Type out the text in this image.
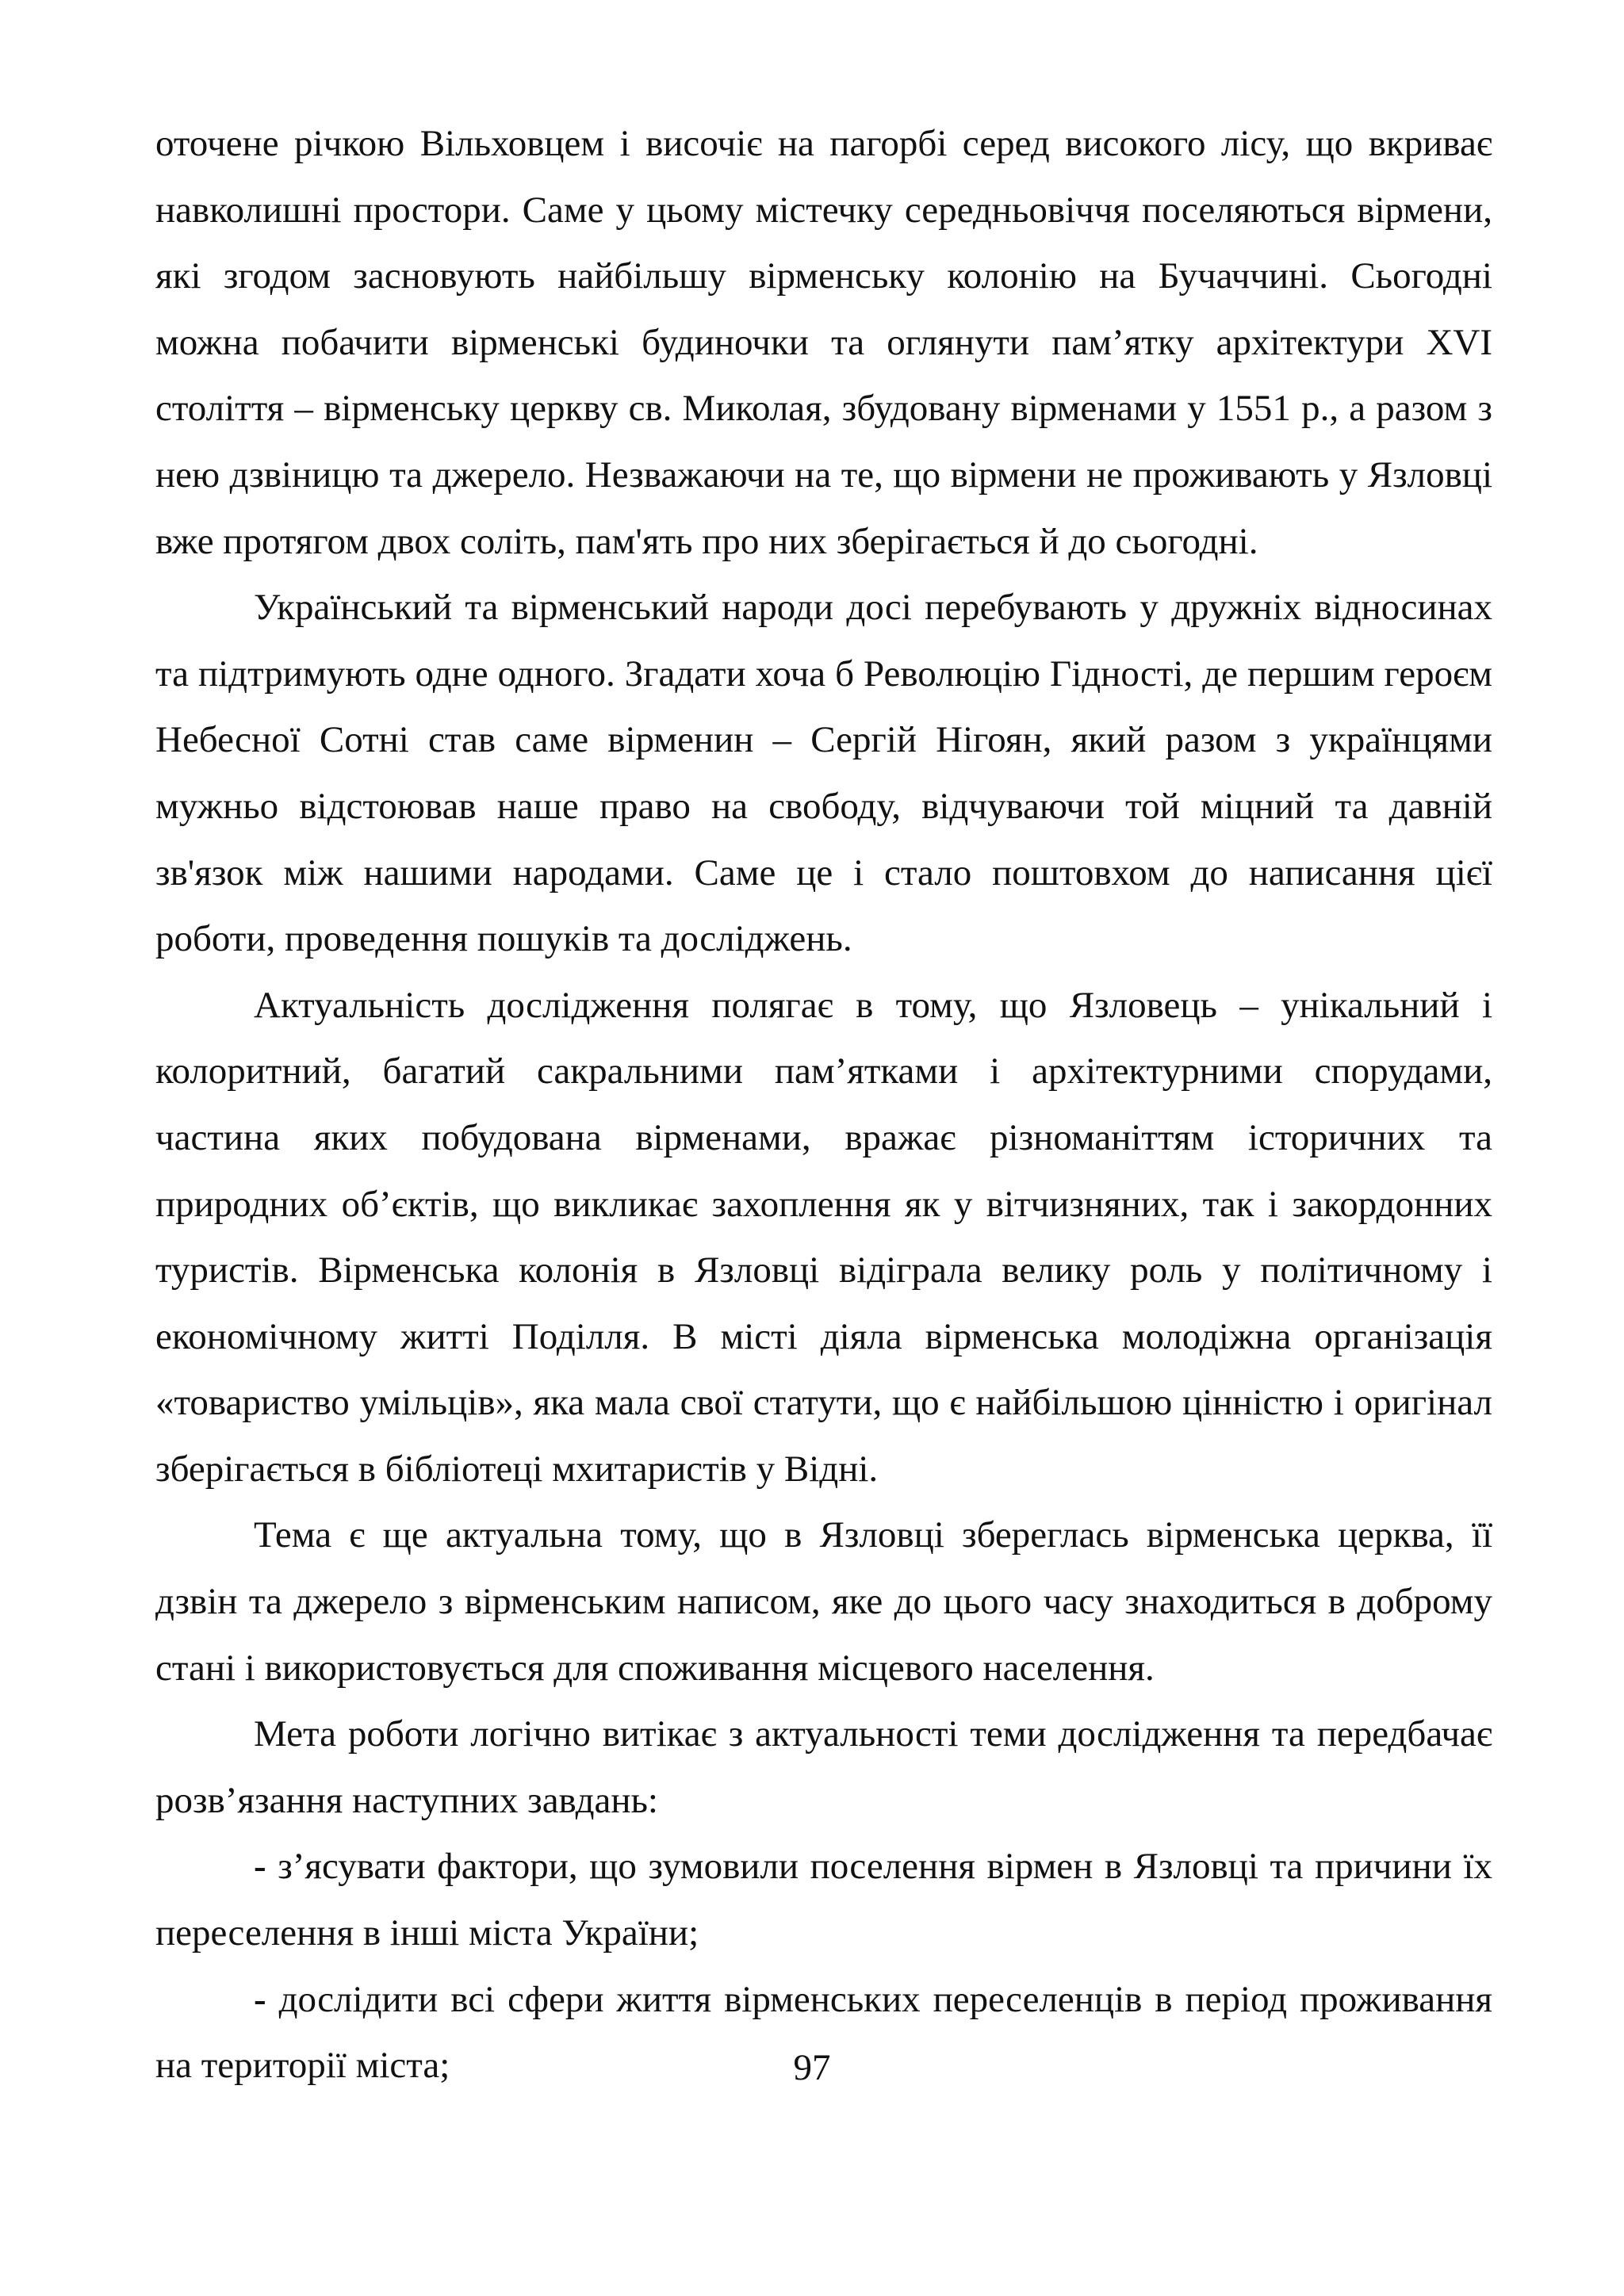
оточене річкою Вільховцем і височіє на пагорбі серед високого лісу, що вкриває навколишні простори. Саме у цьому містечку середньовіччя поселяються вірмени, які згодом засновують найбільшу вірменську колонію на Бучаччині. Сьогодні можна побачити вірменські будиночки та оглянути пам’ятку архітектури XVI століття – вірменську церкву св. Миколая, збудовану вірменами у 1551 р., а разом з нею дзвіницю та джерело. Незважаючи на те, що вірмени не проживають у Язловці вже протягом двох соліть, пам'ять про них зберігається й до сьогодні.

Український та вірменський народи досі перебувають у дружніх відносинах та підтримують одне одного. Згадати хоча б Революцію Гідності, де першим героєм Небесної Сотні став саме вірменин – Сергій Нігоян, який разом з українцями мужньо відстоював наше право на свободу, відчуваючи той міцний та давній зв'язок між нашими народами. Саме це і стало поштовхом до написання цієї роботи, проведення пошуків та досліджень.

Актуальність дослідження полягає в тому, що Язловець – унікальний і колоритний, багатий сакральними пам’ятками і архітектурними спорудами, частина яких побудована вірменами, вражає різноманіттям історичних та природних об’єктів, що викликає захоплення як у вітчизняних, так і закордонних туристів. Вірменська колонія в Язловці відіграла велику роль у політичному і економічному житті Поділля. В місті діяла вірменська молодіжна організація «товариство умільців», яка мала свої статути, що є найбільшою цінністю і оригінал зберігається в бібліотеці мхитаристів у Відні.

Тема є ще актуальна тому, що в Язловці збереглась вірменська церква, її дзвін та джерело з вірменським написом, яке до цього часу знаходиться в доброму стані і використовується для споживання місцевого населення.

Мета роботи логічно витікає з актуальності теми дослідження та передбачає розв’язання наступних завдань:

- з’ясувати фактори, що зумовили поселення вірмен в Язловці та причини їх переселення в інші міста України;

- дослідити всі сфери життя вірменських переселенців в період проживання на території міста;	97
